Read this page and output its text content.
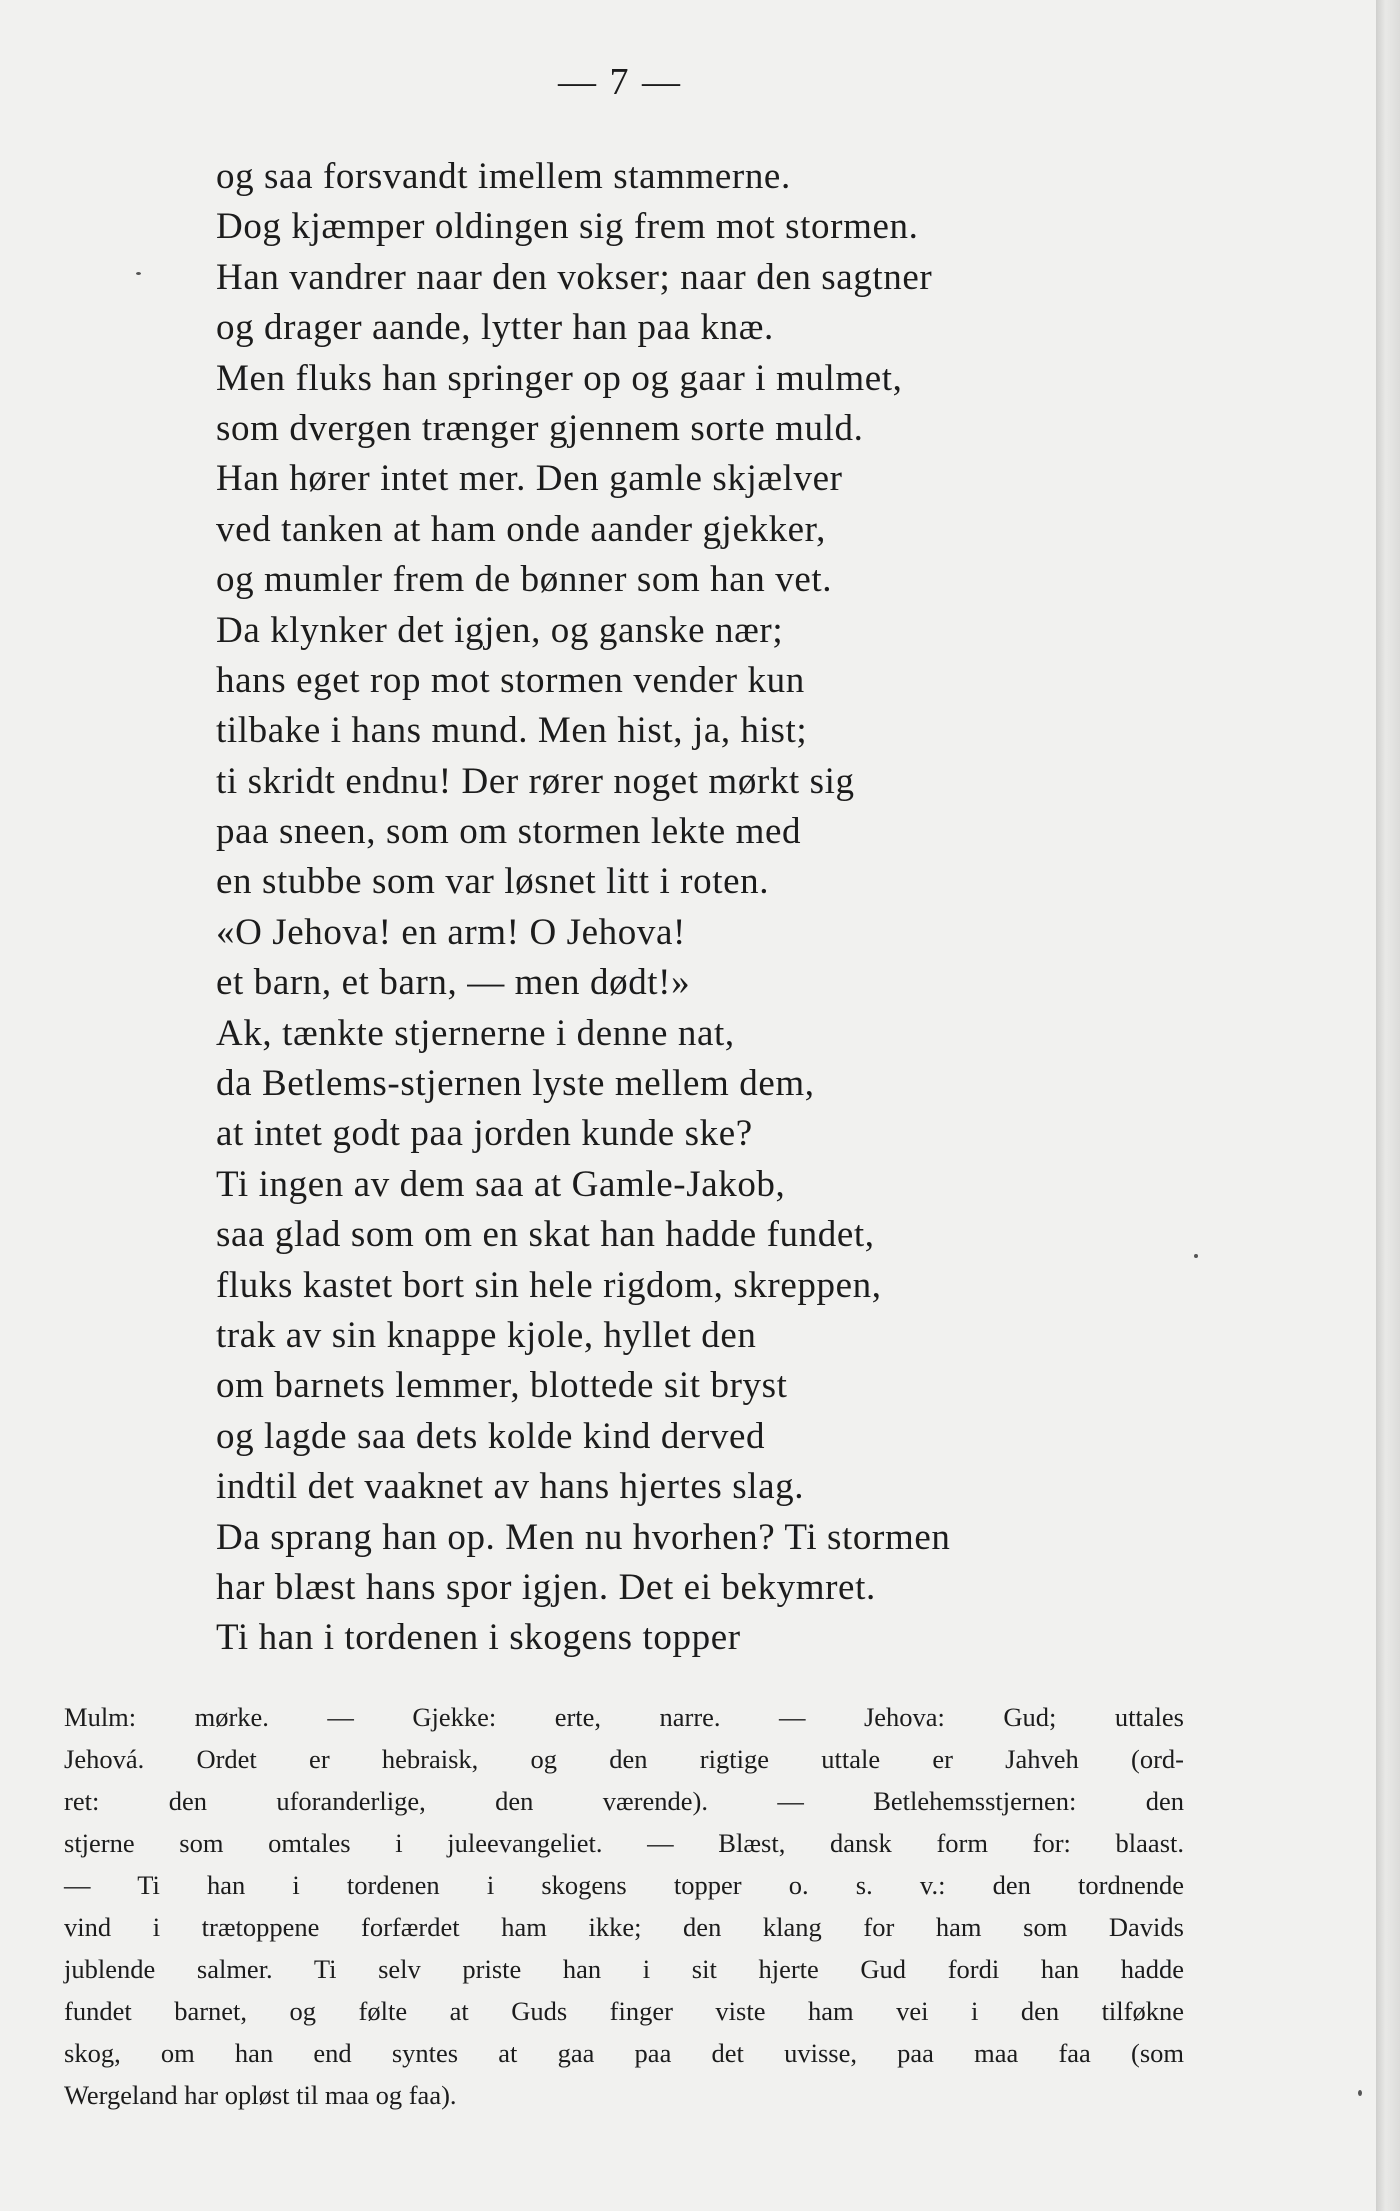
— 7 —
og saa forsvandt imellem stammerne.
Dog kjæmper oldingen sig frem mot stormen.
Han vandrer naar den vokser; naar den sagtner
og drager aande, lytter han paa knæ.
Men fluks han springer op og gaar i mulmet,
som dvergen trænger gjennem sorte muld.
Han hører intet mer. Den gamle skjælver
ved tanken at ham onde aander gjekker,
og mumler frem de bønner som han vet.
Da klynker det igjen, og ganske nær;
hans eget rop mot stormen vender kun
tilbake i hans mund. Men hist, ja, hist;
ti skridt endnu! Der rører noget mørkt sig
paa sneen, som om stormen lekte med
en stubbe som var løsnet litt i roten.
«O Jehova! en arm! O Jehova!
et barn, et barn, — men dødt!»
Ak, tænkte stjernerne i denne nat,
da Betlems-stjernen lyste mellem dem,
at intet godt paa jorden kunde ske?
Ti ingen av dem saa at Gamle-Jakob,
saa glad som om en skat han hadde fundet,
fluks kastet bort sin hele rigdom, skreppen,
trak av sin knappe kjole, hyllet den
om barnets lemmer, blottede sit bryst
og lagde saa dets kolde kind derved
indtil det vaaknet av hans hjertes slag.
Da sprang han op. Men nu hvorhen? Ti stormen
har blæst hans spor igjen. Det ei bekymret.
Ti han i tordenen i skogens topper
Mulm: mørke. — Gjekke: erte, narre. — Jehova: Gud; uttales
Jehová. Ordet er hebraisk, og den rigtige uttale er Jahveh (ord-
ret: den uforanderlige, den værende). — Betlehemsstjernen: den
stjerne som omtales i juleevangeliet. — Blæst, dansk form for: blaast.
— Ti han i tordenen i skogens topper o. s. v.: den tordnende
vind i trætoppene forfærdet ham ikke; den klang for ham som Davids
jublende salmer. Ti selv priste han i sit hjerte Gud fordi han hadde
fundet barnet, og følte at Guds finger viste ham vei i den tilføkne
skog, om han end syntes at gaa paa det uvisse, paa maa faa (som
Wergeland har opløst til maa og faa).
